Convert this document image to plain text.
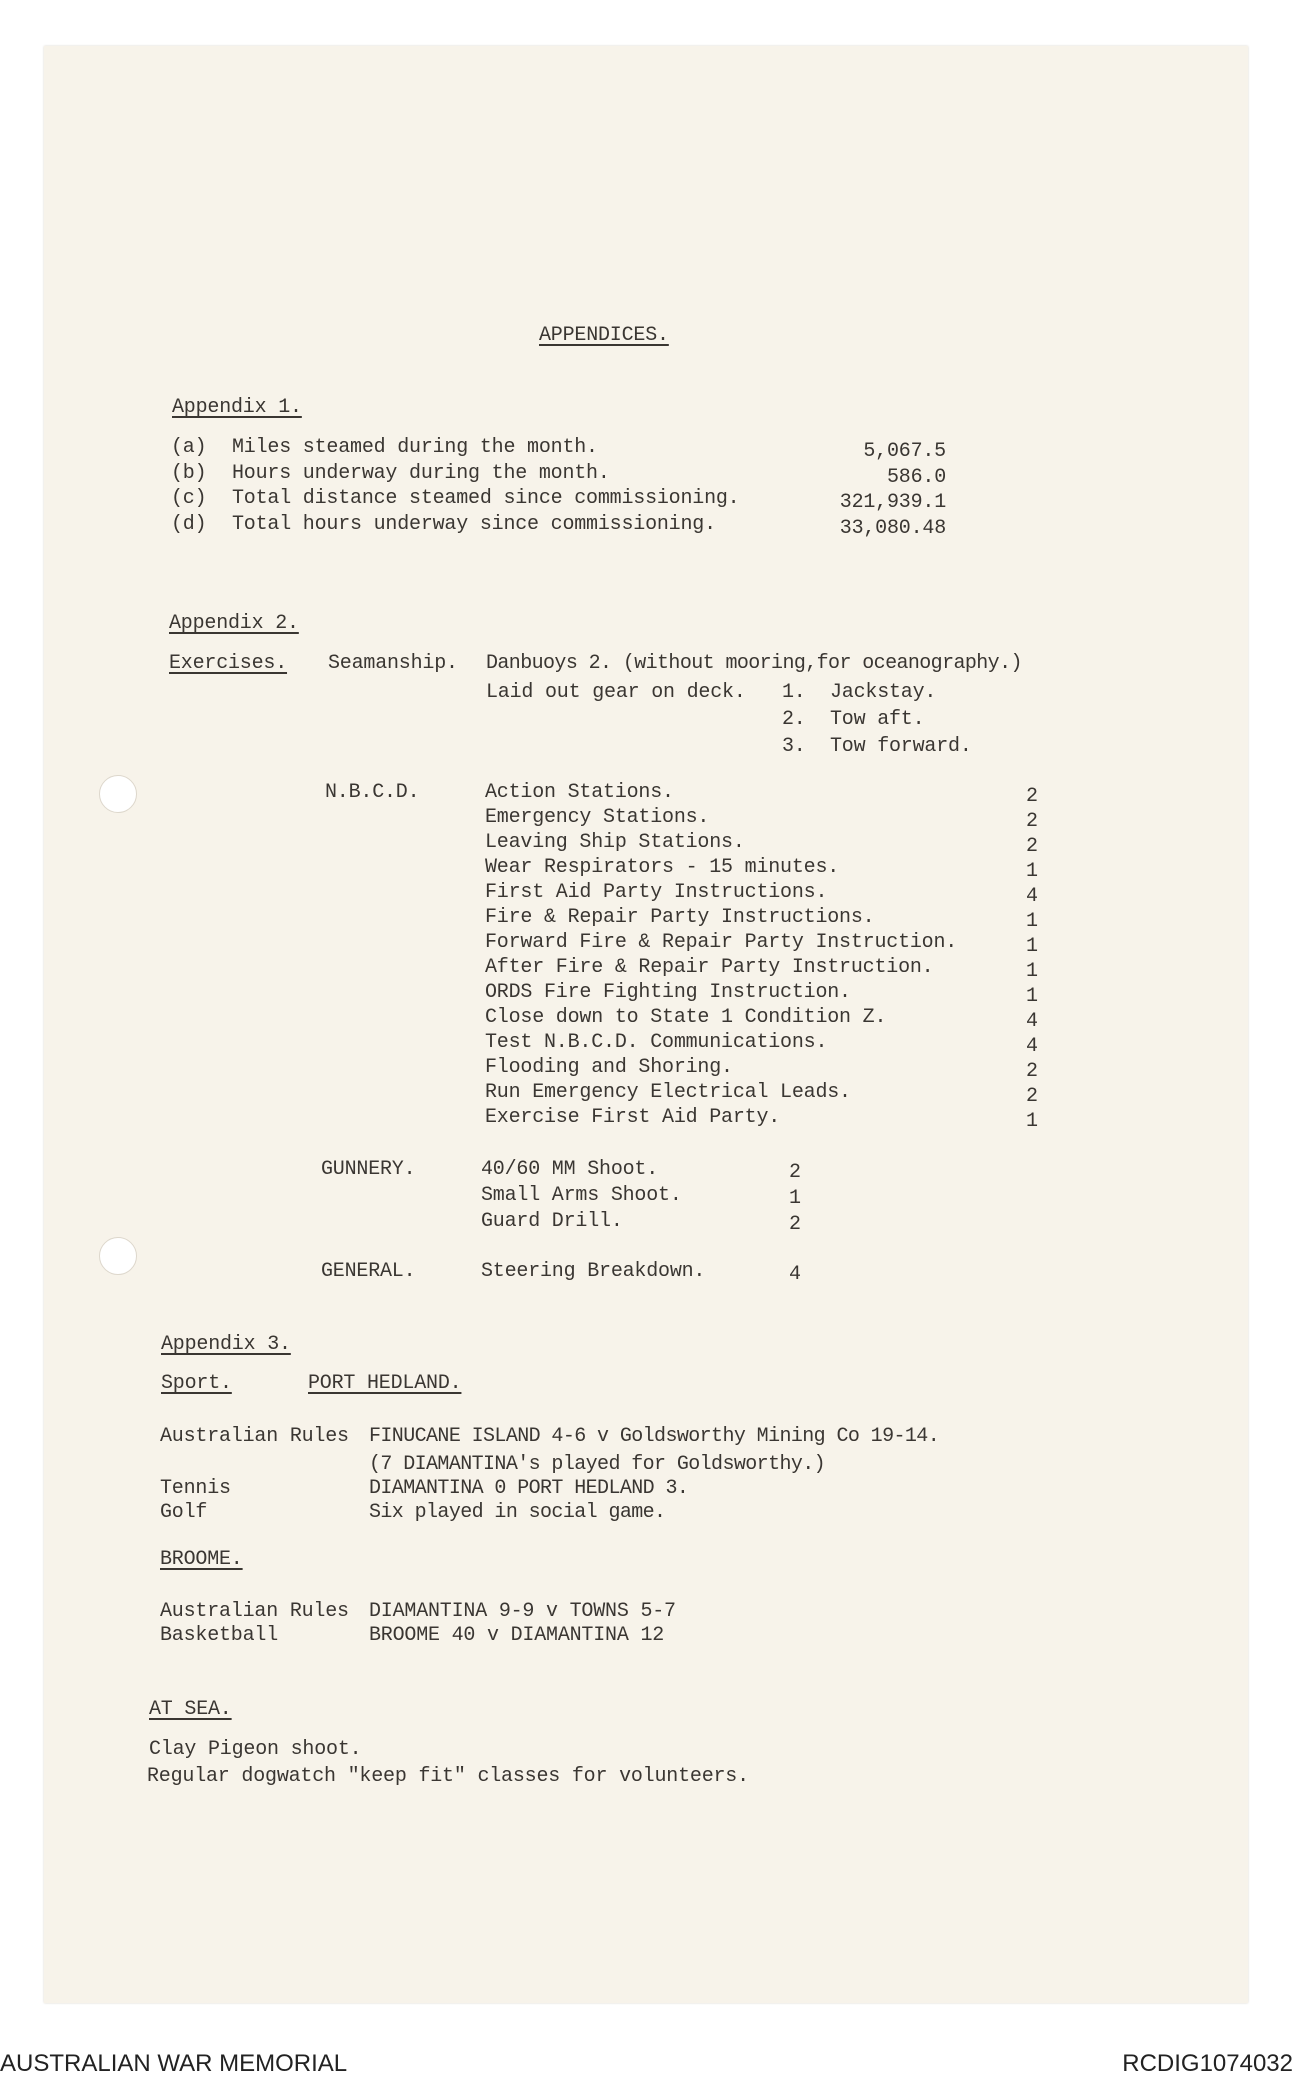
APPENDICES.
Appendix 1.
(a) Miles steamed during the month.	5,067.5
(b) Hours underway during the month.	586.0
(c) Total distance steamed since commissioning.	321,939.1
(d) Total hours underway since commissioning.	33,080.48
Appendix 2.
Exercises. Seamanship. Danbuoys 2. (without mooring,for oceanography.)
Laid out gear on deck. 1. Jackstay.
2. Tow aft.
3. Tow forward.
N.B.C.D.	Action Stations.	2
Emergency Stations.	2
Leaving Ship Stations.	2
Wear Respirators - 15 minutes.	1
First Aid Party Instructions.	4
Fire & Repair Party Instructions.	1
Forward Fire & Repair Party Instruction.	1
After Fire & Repair Party Instruction.	1
ORDS Fire Fighting Instruction.	1
Close down to State 1 Condition Z.	4
Test N.B.C.D. Communications.	4
Flooding and Shoring.	2
Run Emergency Electrical Leads.	2
Exercise First Aid Party.	1
GUNNERY.	40/60 MM Shoot.	2
Small Arms Shoot.	1
Guard Drill.	2
GENERAL.	Steering Breakdown.	4
Appendix 3.
Sport.	PORT HEDLAND.
Australian Rules FINUCANE ISLAND 4-6 v Goldsworthy Mining Co 19-14.
(7 DIAMANTINA's played for Goldsworthy.)
Tennis	DIAMANTINA 0 PORT HEDLAND 3.
Golf	Six played in social game.
BROOME.
Australian Rules DIAMANTINA 9-9 v TOWNS 5-7
Basketball	BROOME 40 v DIAMANTINA 12
AT SEA.
Clay Pigeon shoot.
Regular dogwatch "keep fit" classes for volunteers.
AUSTRALIAN WAR MEMORIAL	RCDIG1074032
